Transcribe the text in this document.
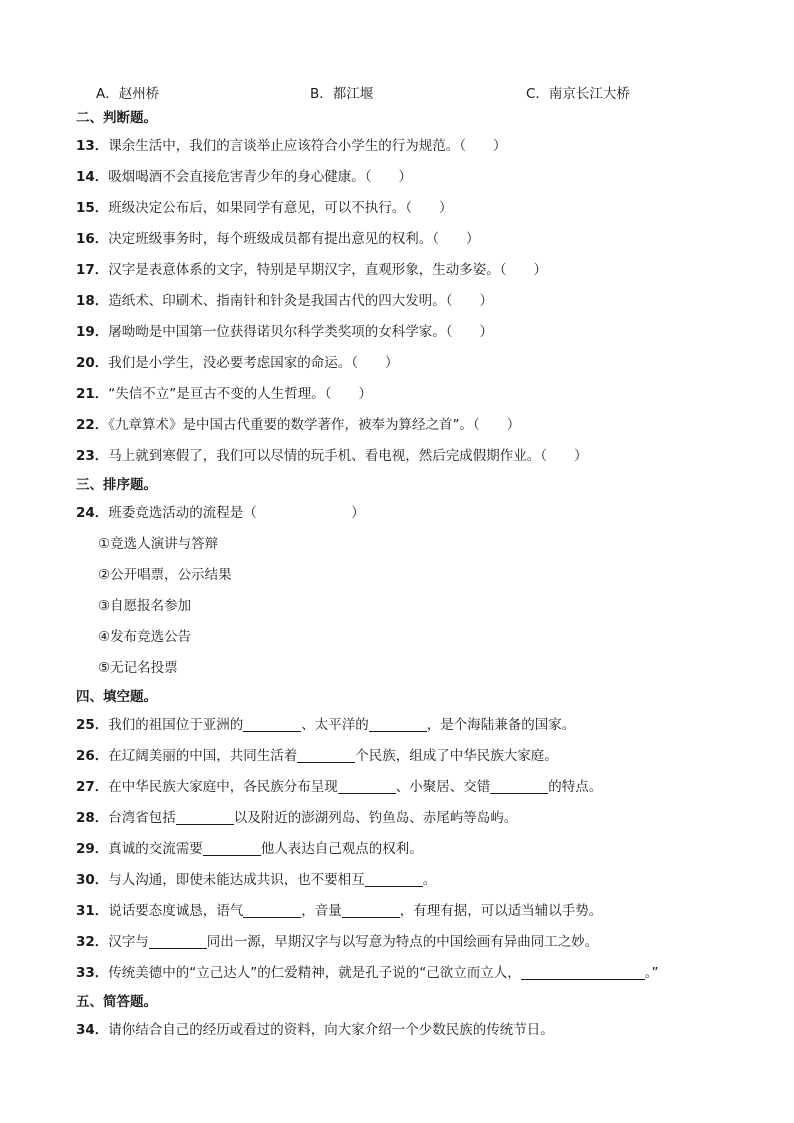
A．赵州桥	B．都江堰	C．南京长江大桥
二、判断题。
13．课余生活中，我们的言谈举止应该符合小学生的行为规范。（　　）
14．吸烟喝酒不会直接危害青少年的身心健康。（　　）
15．班级决定公布后，如果同学有意见，可以不执行。（　　）
16．决定班级事务时，每个班级成员都有提出意见的权利。（　　）
17．汉字是表意体系的文字，特别是早期汉字，直观形象，生动多姿。（　　）
18．造纸术、印刷术、指南针和针灸是我国古代的四大发明。（　　）
19．屠呦呦是中国第一位获得诺贝尔科学类奖项的女科学家。（　　）
20．我们是小学生，没必要考虑国家的命运。（　　）
21．“失信不立”是亘古不变的人生哲理。（　　）
22．《九章算术》是中国古代重要的数学著作，被奉为算经之首”。（　　）
23．马上就到寒假了，我们可以尽情的玩手机、看电视，然后完成假期作业。（　　）
三、排序题。
24．班委竞选活动的流程是（　　　　　　　）
①竞选人演讲与答辩
②公开唱票，公示结果
③自愿报名参加
④发布竞选公告
⑤无记名投票
四、填空题。
25．我们的祖国位于亚洲的	、太平洋的	，是个海陆兼备的国家。
26．在辽阔美丽的中国，共同生活着	个民族，组成了中华民族大家庭。
27．在中华民族大家庭中，各民族分布呈现	、小聚居、交错	的特点。
28．台湾省包括	以及附近的澎湖列岛、钓鱼岛、赤尾屿等岛屿。
29．真诚的交流需要	他人表达自己观点的权利。
30．与人沟通，即使未能达成共识，也不要相互	。
31．说话要态度诚恳，语气	，音量	，有理有据，可以适当辅以手势。
32．汉字与	同出一源，早期汉字与以写意为特点的中国绘画有异曲同工之妙。
33．传统美德中的“立己达人”的仁爱精神，就是孔子说的“己欲立而立人，	。”
五、简答题。
34．请你结合自己的经历或看过的资料，向大家介绍一个少数民族的传统节日。
